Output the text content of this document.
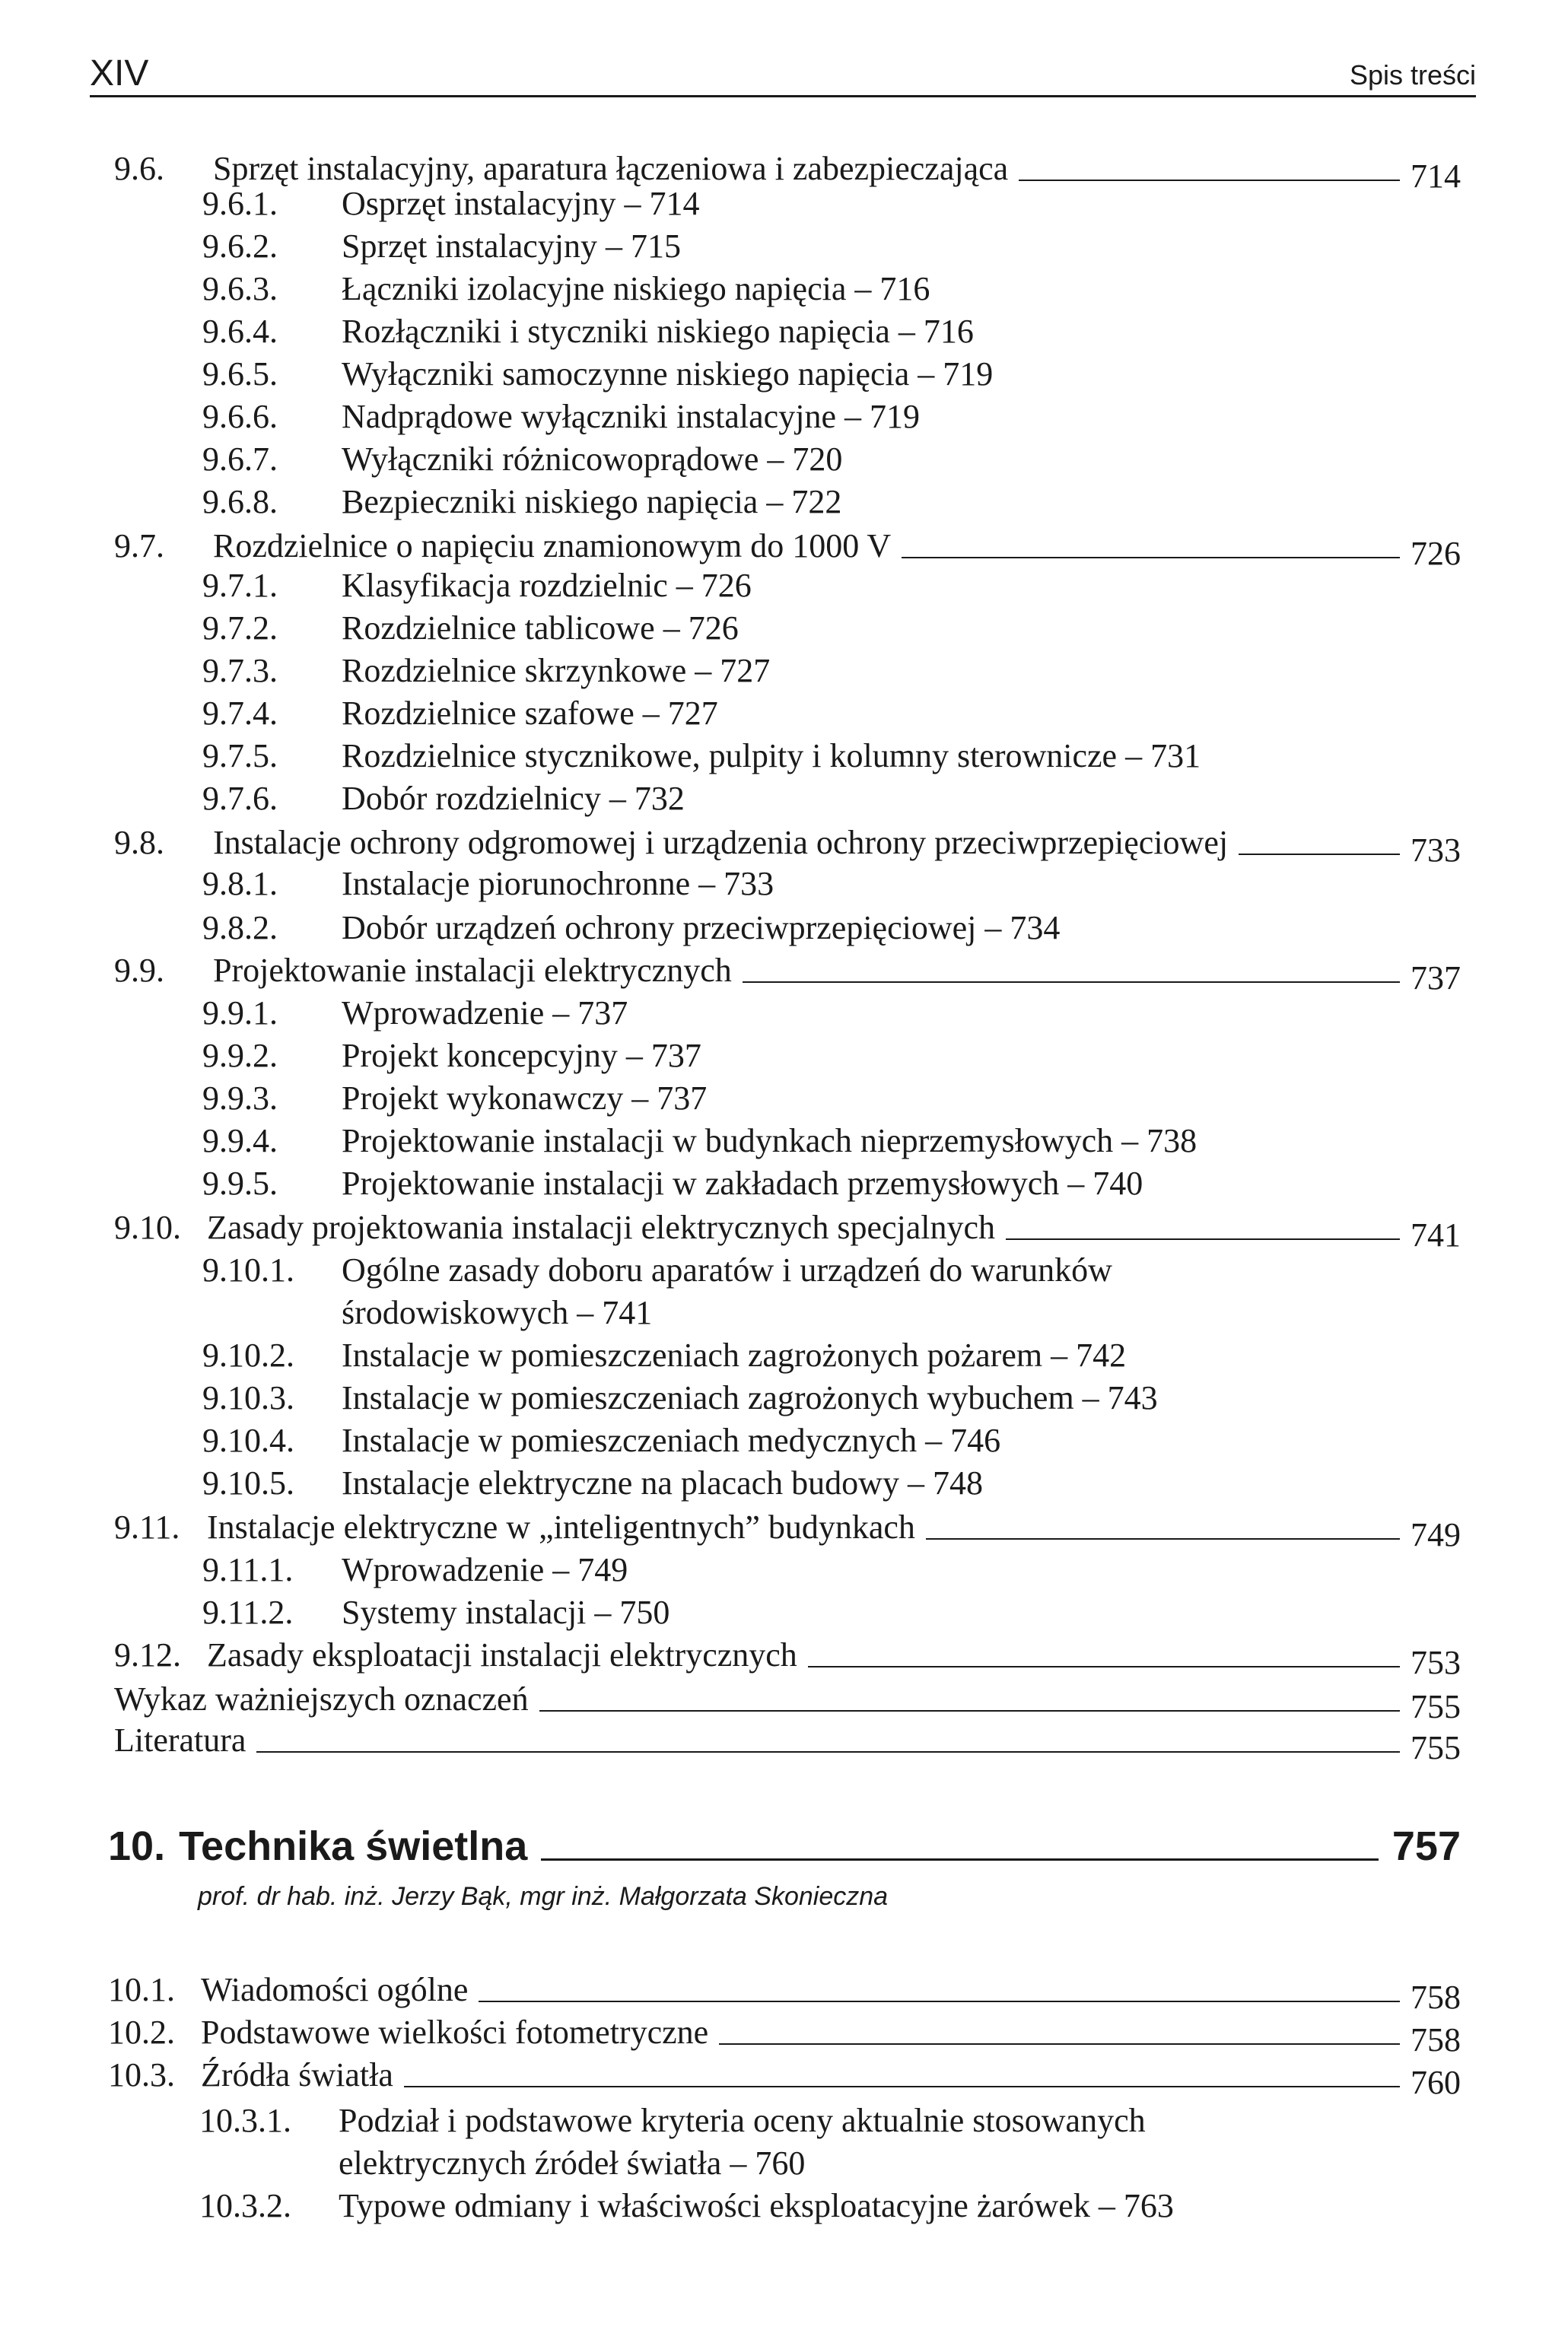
XIV	Spis treści
9.6.	Sprzęt instalacyjny, aparatura łączeniowa i zabezpieczająca	714
9.6.1. Osprzęt instalacyjny – 714
9.6.2. Sprzęt instalacyjny – 715
9.6.3. Łączniki izolacyjne niskiego napięcia – 716
9.6.4. Rozłączniki i styczniki niskiego napięcia – 716
9.6.5. Wyłączniki samoczynne niskiego napięcia – 719
9.6.6. Nadprądowe wyłączniki instalacyjne – 719
9.6.7. Wyłączniki różnicowoprądowe – 720
9.6.8. Bezpieczniki niskiego napięcia – 722
9.7.	Rozdzielnice o napięciu znamionowym do 1000 V	726
9.7.1. Klasyfikacja rozdzielnic – 726
9.7.2. Rozdzielnice tablicowe – 726
9.7.3. Rozdzielnice skrzynkowe – 727
9.7.4. Rozdzielnice szafowe – 727
9.7.5. Rozdzielnice stycznikowe, pulpity i kolumny sterownicze – 731
9.7.6. Dobór rozdzielnicy – 732
9.8.	Instalacje ochrony odgromowej i urządzenia ochrony przeciwprzepięciowej	733
9.8.1. Instalacje piorunochronne – 733
9.8.2. Dobór urządzeń ochrony przeciwprzepięciowej – 734
9.9.	Projektowanie instalacji elektrycznych	737
9.9.1. Wprowadzenie – 737
9.9.2. Projekt koncepcyjny – 737
9.9.3. Projekt wykonawczy – 737
9.9.4. Projektowanie instalacji w budynkach nieprzemysłowych – 738
9.9.5. Projektowanie instalacji w zakładach przemysłowych – 740
9.10. Zasady projektowania instalacji elektrycznych specjalnych	741
9.10.1. Ogólne zasady doboru aparatów i urządzeń do warunków
środowiskowych – 741
9.10.2. Instalacje w pomieszczeniach zagrożonych pożarem – 742
9.10.3. Instalacje w pomieszczeniach zagrożonych wybuchem – 743
9.10.4. Instalacje w pomieszczeniach medycznych – 746
9.10.5. Instalacje elektryczne na placach budowy – 748
9.11. Instalacje elektryczne w „inteligentnych” budynkach	749
9.11.1. Wprowadzenie – 749
9.11.2. Systemy instalacji – 750
9.12. Zasady eksploatacji instalacji elektrycznych	753
Wykaz ważniejszych oznaczeń	755
Literatura	755
10. Technika świetlna	757
prof. dr hab. inż. Jerzy Bąk, mgr inż. Małgorzata Skonieczna
10.1. Wiadomości ogólne	758
10.2. Podstawowe wielkości fotometryczne	758
10.3. Źródła światła	760
10.3.1. Podział i podstawowe kryteria oceny aktualnie stosowanych
elektrycznych źródeł światła – 760
10.3.2. Typowe odmiany i właściwości eksploatacyjne żarówek – 763
